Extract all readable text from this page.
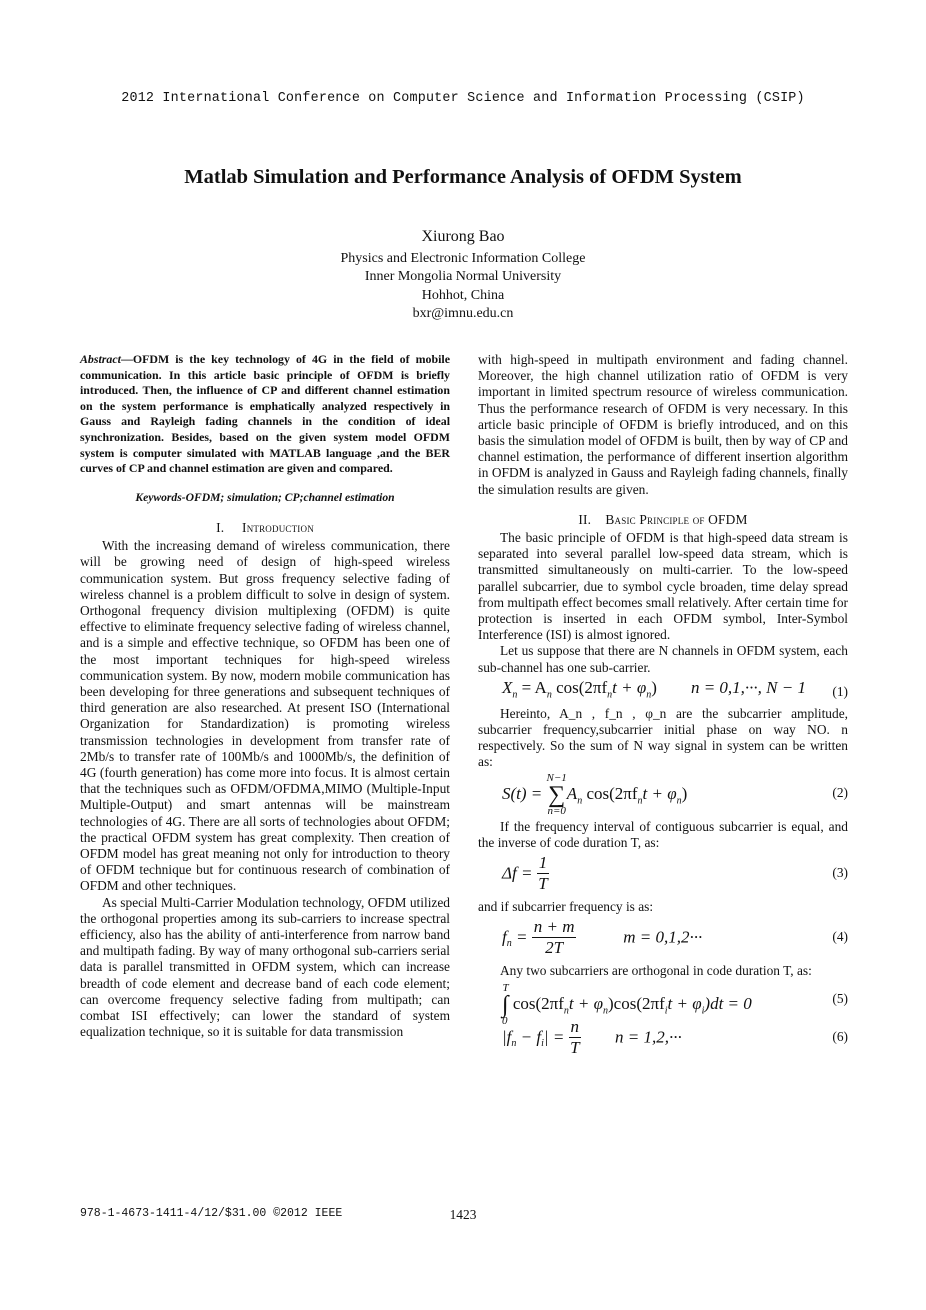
2012 International Conference on Computer Science and Information Processing (CSIP)
Matlab Simulation and Performance Analysis of OFDM System
Xiurong Bao
Physics and Electronic Information College
Inner Mongolia Normal University
Hohhot, China
bxr@imnu.edu.cn

Abstract—OFDM is the key technology of 4G in the field of mobile communication. In this article basic principle of OFDM is briefly introduced. Then, the influence of CP and different channel estimation on the system performance is emphatically analyzed respectively in Gauss and Rayleigh fading channels in the condition of ideal synchronization. Besides, based on the given system model OFDM system is computer simulated with MATLAB language ,and the BER curves of CP and channel estimation are given and compared.

Keywords-OFDM; simulation; CP;channel estimation

I. Introduction

With the increasing demand of wireless communication, there will be growing need of design of high-speed wireless communication system. But gross frequency selective fading of wireless channel is a problem difficult to solve in design of system. Orthogonal frequency division multiplexing (OFDM) is quite effective to eliminate frequency selective fading of wireless channel, and is a simple and effective technique, so OFDM has been one of the most important techniques for high-speed wireless communication system. By now, modern mobile communication has been developing for three generations and subsequent techniques of third generation are also researched. At present ISO (International Organization for Standardization) is promoting wireless transmission technologies in development from transfer rate of 2Mb/s to transfer rate of 100Mb/s and 1000Mb/s, the definition of 4G (fourth generation) has come more into focus. It is almost certain that the techniques such as OFDM/OFDMA,MIMO (Multiple-Input Multiple-Output) and smart antennas will be mainstream technologies of 4G. There are all sorts of technologies about OFDM; the practical OFDM system has great complexity. Then creation of OFDM model has great meaning not only for introduction to theory of OFDM technique but for continuous research of combination of OFDM and other techniques.

As special Multi-Carrier Modulation technology, OFDM utilized the orthogonal properties among its sub-carriers to increase spectral efficiency, also has the ability of anti-interference from narrow band and multipath fading. By way of many orthogonal sub-carriers serial data is parallel transmitted in OFDM system, which can increase breadth of code element and decrease band of each code element; can overcome frequency selective fading from multipath; can combat ISI effectively; can lower the standard of system equalization technique, so it is suitable for data transmission

with high-speed in multipath environment and fading channel. Moreover, the high channel utilization ratio of OFDM is very important in limited spectrum resource of wireless communication. Thus the performance research of OFDM is very necessary. In this article basic principle of OFDM is briefly introduced, and on this basis the simulation model of OFDM is built, then by way of CP and channel estimation, the performance of different insertion algorithm in OFDM is analyzed in Gauss and Rayleigh fading channels, finally the simulation results are given.

II. Basic Principle of OFDM

The basic principle of OFDM is that high-speed data stream is separated into several parallel low-speed data stream, which is transmitted simultaneously on multi-carrier. To the low-speed parallel subcarrier, due to symbol cycle broaden, time delay spread from multipath effect becomes small relatively. After certain time for protection is inserted in each OFDM symbol, Inter-Symbol Interference (ISI) is almost ignored.

Let us suppose that there are N channels in OFDM system, each sub-channel has one sub-carrier.

$X_n = A_n$ $\cos(2\pi f_nt + \varphi_n) n = 0,1,\cdot\cdot\cdot$, N − 1 (1)

Hereinto, A_n , f_n , φ_n are the subcarrier amplitude, subcarrier frequency,subcarrier initial phase on way NO. n respectively. So the sum of N way signal in system can be written as:

S(t) =
N−1
∑
n=0
$A_n$ $\cos(2\pi f_nt + \varphi_n)$	(2)

If the frequency interval of contiguous subcarrier is equal, and the inverse of code duration T, as:

$\Delta f = \frac{1}{T}$	(3)

and if subcarrier frequency is as:

$f_n = \frac{n + m}{2T}$	m = 0,1,2···	(4)

Any two subcarriers are orthogonal in code duration T, as:

T
∫
0
$\cos(2\pi f_nt + \varphi_n)\cos(2\pi f_it + \varphi_i)dt = 0$	(5)
$|f_n - f_i| = \frac{n}{T}$ n = 1,2,···	(6)
978-1-4673-1411-4/12/$31.00 ©2012 IEEE	1423
